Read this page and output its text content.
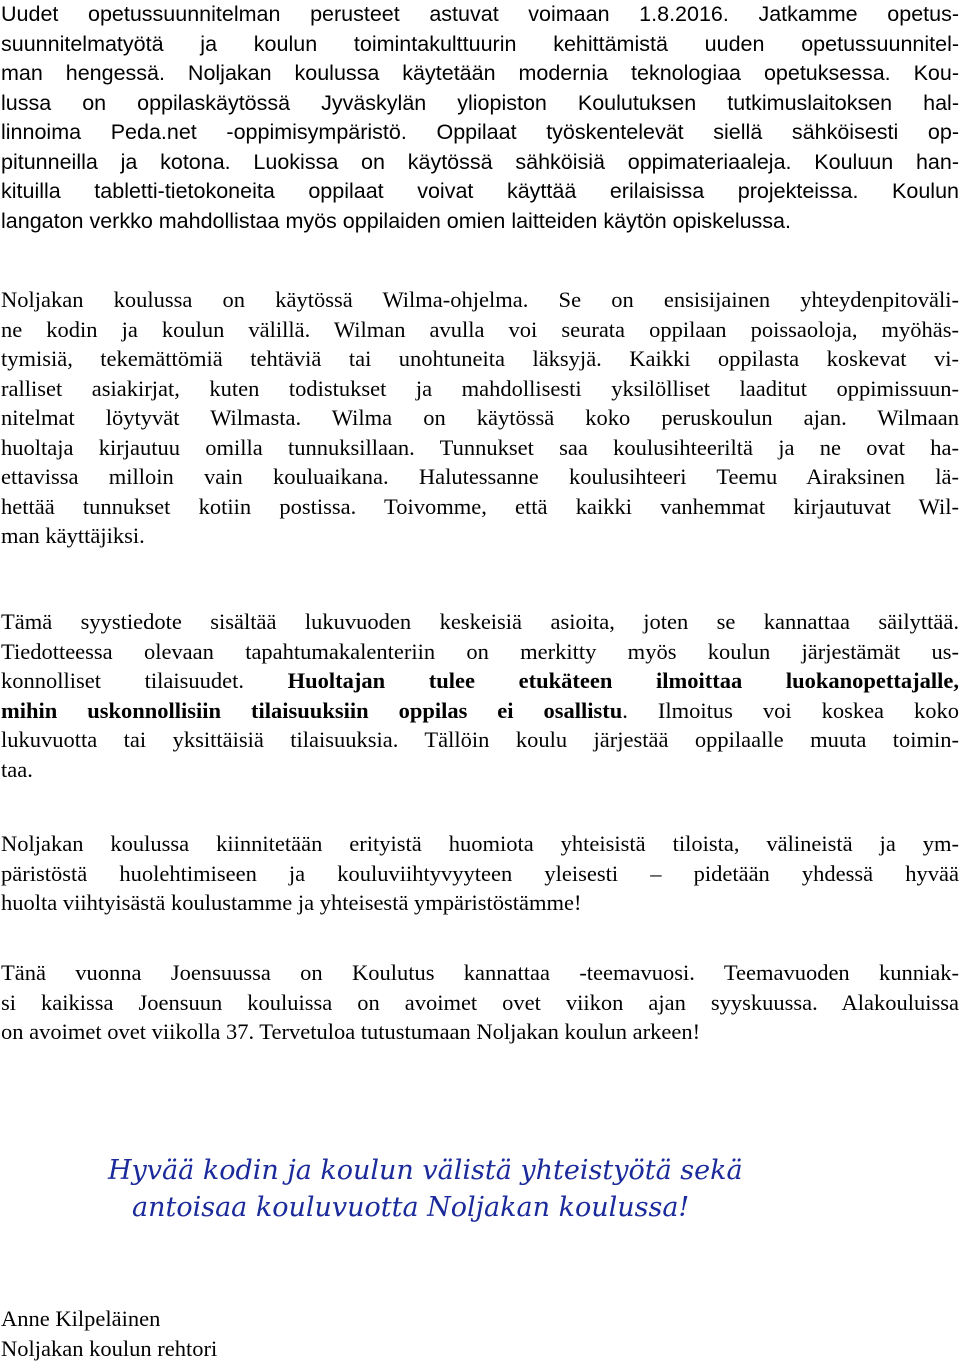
Uudet opetussuunnitelman perusteet astuvat voimaan 1.8.2016. Jatkamme opetus-
suunnitelmatyötä ja koulun toimintakulttuurin kehittämistä uuden opetussuunnitel-
man hengessä. Noljakan koulussa käytetään modernia teknologiaa opetuksessa. Kou-
lussa on oppilaskäytössä Jyväskylän yliopiston Koulutuksen tutkimuslaitoksen hal-
linnoima Peda.net -oppimisympäristö. Oppilaat työskentelevät siellä sähköisesti op-
pitunneilla ja kotona. Luokissa on käytössä sähköisiä oppimateriaaleja. Kouluun han-
kituilla tabletti-tietokoneita oppilaat voivat käyttää erilaisissa projekteissa. Koulun
langaton verkko mahdollistaa myös oppilaiden omien laitteiden käytön opiskelussa.
Noljakan koulussa on käytössä Wilma-ohjelma. Se on ensisijainen yhteydenpitoväli-
ne kodin ja koulun välillä. Wilman avulla voi seurata oppilaan poissaoloja, myöhäs-
tymisiä, tekemättömiä tehtäviä tai unohtuneita läksyjä. Kaikki oppilasta koskevat vi-
ralliset asiakirjat, kuten todistukset ja mahdollisesti yksilölliset laaditut oppimissuun-
nitelmat löytyvät Wilmasta. Wilma on käytössä koko peruskoulun ajan. Wilmaan
huoltaja kirjautuu omilla tunnuksillaan. Tunnukset saa koulusihteeriltä ja ne ovat ha-
ettavissa milloin vain kouluaikana. Halutessanne koulusihteeri Teemu Airaksinen lä-
hettää tunnukset kotiin postissa. Toivomme, että kaikki vanhemmat kirjautuvat Wil-
man käyttäjiksi.
Tämä syystiedote sisältää lukuvuoden keskeisiä asioita, joten se kannattaa säilyttää.
Tiedotteessa olevaan tapahtumakalenteriin on merkitty myös koulun järjestämät us-
konnolliset tilaisuudet. Huoltajan tulee etukäteen ilmoittaa luokanopettajalle,
mihin uskonnollisiin tilaisuuksiin oppilas ei osallistu. Ilmoitus voi koskea koko
lukuvuotta tai yksittäisiä tilaisuuksia. Tällöin koulu järjestää oppilaalle muuta toimin-
taa.
Noljakan koulussa kiinnitetään erityistä huomiota yhteisistä tiloista, välineistä ja ym-
päristöstä huolehtimiseen ja kouluviihtyvyyteen yleisesti – pidetään yhdessä hyvää
huolta viihtyisästä koulustamme ja yhteisestä ympäristöstämme!
Tänä vuonna Joensuussa on Koulutus kannattaa -teemavuosi. Teemavuoden kunniak-
si kaikissa Joensuun kouluissa on avoimet ovet viikon ajan syyskuussa. Alakouluissa
on avoimet ovet viikolla 37. Tervetuloa tutustumaan Noljakan koulun arkeen!
Hyvää kodin ja koulun välistä yhteistyötä sekä
antoisaa kouluvuotta Noljakan koulussa!
Anne Kilpeläinen
Noljakan koulun rehtori
